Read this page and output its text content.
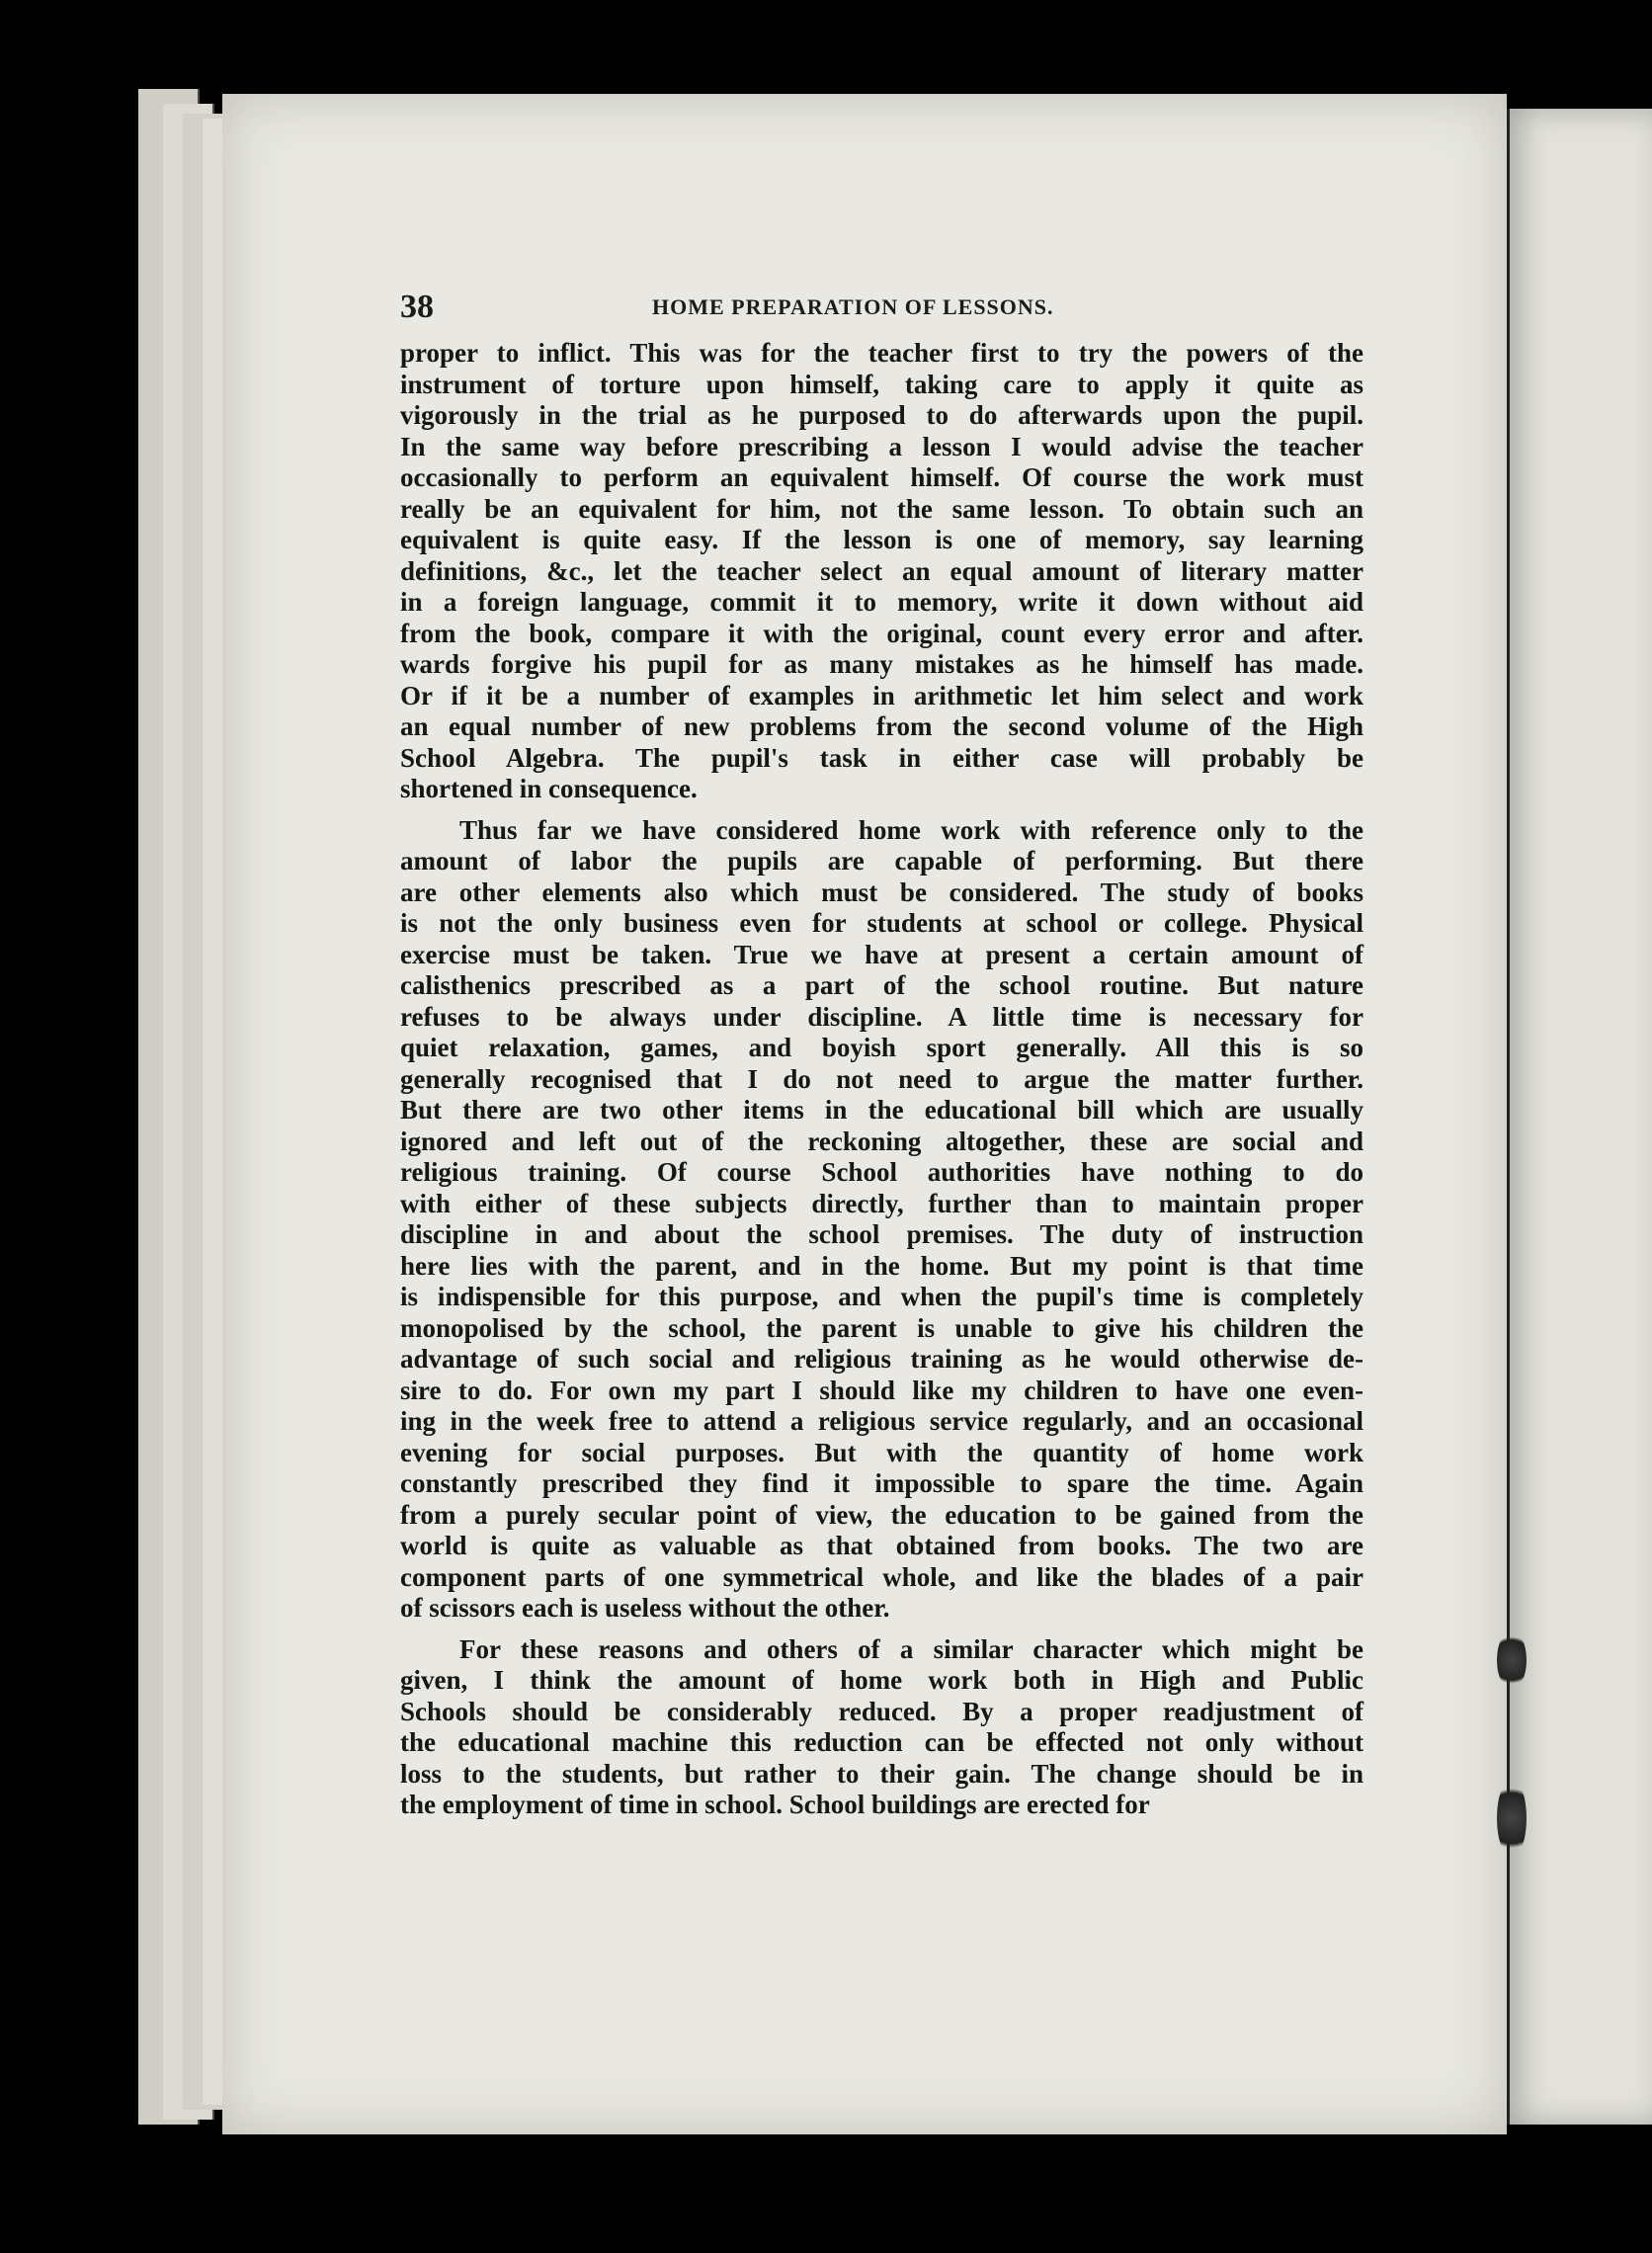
38	HOME PREPARATION OF LESSONS.
proper to inflict. This was for the teacher first to try the powers of the
instrument of torture upon himself, taking care to apply it quite as
vigorously in the trial as he purposed to do afterwards upon the pupil.
In the same way before prescribing a lesson I would advise the teacher
occasionally to perform an equivalent himself. Of course the work must
really be an equivalent for him, not the same lesson. To obtain such an
equivalent is quite easy. If the lesson is one of memory, say learning
definitions, &c., let the teacher select an equal amount of literary matter
in a foreign language, commit it to memory, write it down without aid
from the book, compare it with the original, count every error and after.
wards forgive his pupil for as many mistakes as he himself has made.
Or if it be a number of examples in arithmetic let him select and work
an equal number of new problems from the second volume of the High
School Algebra. The pupil's task in either case will probably be
shortened in consequence.
Thus far we have considered home work with reference only to the
amount of labor the pupils are capable of performing. But there
are other elements also which must be considered. The study of books
is not the only business even for students at school or college. Physical
exercise must be taken. True we have at present a certain amount of
calisthenics prescribed as a part of the school routine. But nature
refuses to be always under discipline. A little time is necessary for
quiet relaxation, games, and boyish sport generally. All this is so
generally recognised that I do not need to argue the matter further.
But there are two other items in the educational bill which are usually
ignored and left out of the reckoning altogether, these are social and
religious training. Of course School authorities have nothing to do
with either of these subjects directly, further than to maintain proper
discipline in and about the school premises. The duty of instruction
here lies with the parent, and in the home. But my point is that time
is indispensible for this purpose, and when the pupil's time is completely
monopolised by the school, the parent is unable to give his children the
advantage of such social and religious training as he would otherwise de-
sire to do. For own my part I should like my children to have one even-
ing in the week free to attend a religious service regularly, and an occasional
evening for social purposes. But with the quantity of home work
constantly prescribed they find it impossible to spare the time. Again
from a purely secular point of view, the education to be gained from the
world is quite as valuable as that obtained from books. The two are
component parts of one symmetrical whole, and like the blades of a pair
of scissors each is useless without the other.
For these reasons and others of a similar character which might be
given, I think the amount of home work both in High and Public
Schools should be considerably reduced. By a proper readjustment of
the educational machine this reduction can be effected not only without
loss to the students, but rather to their gain. The change should be in
the employment of time in school. School buildings are erected for
